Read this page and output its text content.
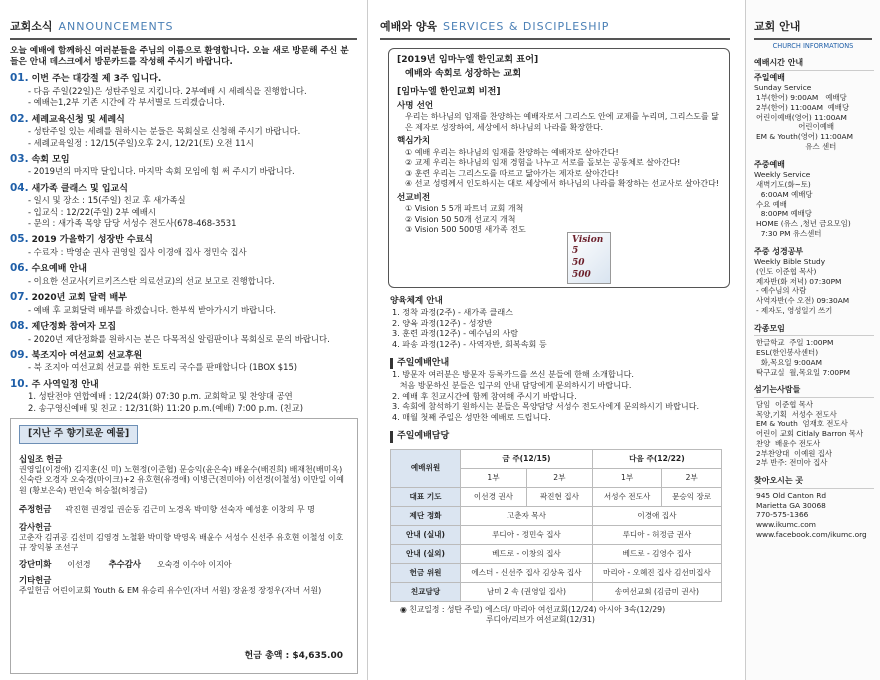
교회소식 ANNOUNCEMENTS
오늘 예배에 함께하신 여러분들을 주님의 이름으로 환영합니다. 오늘 새로 방문해 주신 분들은 안내 데스크에서 방문카드를 작성해 주시기 바랍니다.
01. 이번 주는 대강절 제 3주 입니다.
- 다음 주일(22일)은 성탄주일로 지킵니다. 2부예배 시 세례식을 진행합니다.
- 예배는1,2부 기존 시간에 각 부서별로 드리겠습니다.
02. 세례교육신청 및 세례식
- 성탄주일 있는 세례를 원하시는 분들은 목회실로 신청해 주시기 바랍니다.
- 세례교육일정 : 12/15(주일)오후 2시, 12/21(토) 오전 11시
03. 속회 모임
- 2019년의 마지막 달입니다. 마지막 속회 모임에 힘 써 주시기 바랍니다.
04. 새가족 클래스 및 입교식
- 일시 및 장소 : 15(주일) 친교 후 새가족실
- 입교식 : 12/22(주일) 2부 예배시
- 문의 : 새가족 목양 담당 서성수 전도사(678-468-3531
05. 2019 가을학기 성장반 수료식
- 수료자 : 박영순 권사 권영일 집사 이경애 집사 정민숙 집사
06. 수요예배 안내
- 이요한 선교사(키르키즈스탄 의료선교)의 선교 보고로 진행합니다.
07. 2020년 교회 달력 배부
- 예배 후 교회달력 배부를 하겠습니다. 한부씩 받아가시기 바랍니다.
08. 제단정화 참여자 모집
- 2020년 제단정화를 원하시는 분은 다목적실 알림판이나 목회실로 문의 바랍니다.
09. 북조지아 여선교회 선교후원
- 북 조지아 여선교회 선교를 위한 토토리 국수를 판매합니다 (1BOX $15)
10. 주 사역일정 안내
1. 성탄전야 연합예배 : 12/24(화) 07:30 p.m. 교회학교 및 찬양대 공연
2. 송구영신예배 및 친교 : 12/31(화) 11:20 p.m.(예배) 7:00 p.m. (친교)
[지난 주 향기로운 예물]
십일조 헌금
권영일(이경애) 김지훈(신 미) 노현정(이준협) 문승익(윤은숙) 배윤수(배진희) 배재천(배미옥) 신숙란 오경자 오숙경(마이크)+2 유호현(유경애) 이병근(전미아) 이선경(이철성) 이만일 이예원 (황보은숙) 편인숙 허승철(허정금)
주정헌금 곽진현 권경일 권순동 김근미 노경옥 박미향 선숙자 예성훈 이창의 무 명
감사헌금
고춘자 김귀공 김선미 김영경 노철환 박미향 박영옥 배윤수 서성수 신선주 유호현 이철성 이호규 장익봉 조선구
강단미화 이선경 추수감사 오숙경 이수아 이지아
기타헌금
주일헌금 어린이교회 Youth & EM 유승리 유수인(자녀 서원) 장윤정 장정우(자녀 서원)
헌금 총액 : $4,635.00
예배와 양육 SERVICES & DISCIPLESHIP
[2019년 임마누엘 한인교회 표어]
예배와 속회로 성장하는 교회
[임마누엘 한인교회 비전]
사명 선언

우리는 하나님의 임재를 찬양하는 예배자로서 그리스도 안에 교제를 누리며, 그리스도를 닮은 제자로 성장하여, 세상에서 하나님의 나라를 확장한다.

핵심가치

① 예배 우리는 하나님의 임재를 찬양하는 예배자로 살아간다!

② 교제 우리는 하나님의 임재 경험을 나누고 서로를 돌보는 공동체로 살아간다!

③ 훈련 우리는 그리스도를 따르고 닮아가는 제자로 살아간다!

④ 선교 성령께서 인도하시는 대로 세상에서 하나님의 나라를 확장하는 선교사로 살아간다!

선교비전

① Vision 5 5개 파트너 교회 개척

② Vision 50 50개 선교지 개척

③ Vision 500 500명 새가족 전도

Vision
5
50
500
양육체계 안내
1. 정착 과정(2주) - 새가족 클래스
2. 양육 과정(12주) - 성장반
3. 훈련 과정(12주) - 예수님의 사람
4. 파송 과정(12주) - 사역자반, 회복속회 등
주일예배안내
1. 방문자 여러분은 방문자 등록카드를 쓰신 분들에 한해 소개합니다.
처음 방문하신 분들은 입구의 안내 담당에게 문의하시기 바랍니다.
2. 예배 후 친교시간에 함께 참여해 주시기 바랍니다.
3. 속회에 참석하기 원하시는 분들은 목양담당 서성수 전도사에게 문의하시기 바랍니다.
4. 매월 첫째 주일은 성만찬 예배로 드립니다.
주일예배담당
예배위원	금 주(12/15)		다음 주(12/22)	
	1부	2부	1부	2부
대표 기도	이선경 권사	곽진현 집사	서성수 전도사	문승익 장로
제단 정화	고춘자 목사		이경애 집사	
안내 (실내)	루디아 - 정민숙 집사		루디아 - 허정금 권사	
안내 (실외)	베드로 - 이창의 집사		베드로 - 김영수 집사	
헌금 위원	에스더 - 신선주 집사 김상옥 집사		마리아 - 오혜진 집사 김선미집사	
친교담당	남미 2 속 (권영일 집사)		송여선교회 (김금미 권사)	
◉ 친교일정 : 성탄 주일) 에스더/ 마리아 여선교회(12/24) 아시아 3속(12/29)
루디아/리브가 여선교회(12/31)
교회 안내
CHURCH INFORMATIONS
예배시간 안내
주일예배
Sunday Service
1부(한어) 9:00AM   예배당
2부(한어) 11:00AM  예배당
어린이예배(영어) 11:00AM
어린이예배
EM & Youth(영어) 11:00AM
유스 센터
주중예배
Weekly Service
새벽기도(화~토)
6:00AM 예배당
수요 예배
8:00PM 예배당
HOME (유스 ,청년 금요모임)
7:30 PM 유스센터
주중 성경공부
Weekly Bible Study
(인도 이준협 목사)
제자반(화 저녁) 07:30PM
- 예수님의 사람
사역자반(수 오전) 09:30AM
- 제자도, 영성일기 쓰기
각종모임
한글학교  주일 1:00PM
ESL(한인봉사센터)
화,목요일 9:00AM
탁구교실  월,목요일 7:00PM
섬기는사람들
담임  이준협 목사
목양,기획  서성수 전도사
EM & Youth  엄재호 전도사
어린이 교회 Citlaly Barron 목사
찬양  배윤수 전도사
2부찬양대  이예원 집사
2부 반주: 전미아 집사
찾아오시는 곳
945 Old Canton Rd
Marietta GA 30068
770-575-1366
www.ikumc.com
www.facebook.com/ikumc.org
